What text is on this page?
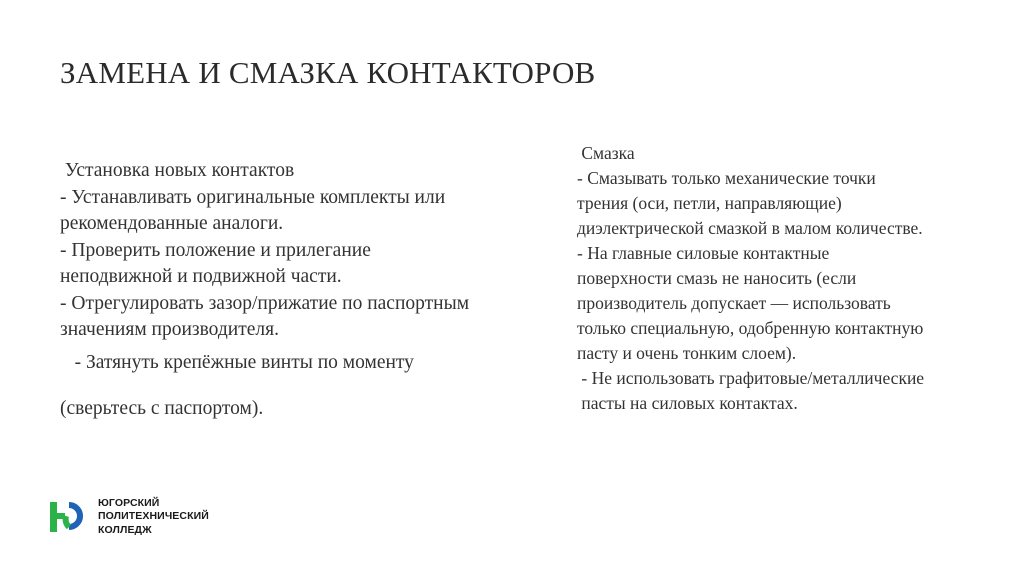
ЗАМЕНА И СМАЗКА КОНТАКТОРОВ
Установка новых контактов
- Устанавливать оригинальные комплекты или
рекомендованные аналоги.
- Проверить положение и прилегание
неподвижной и подвижной части.
- Отрегулировать зазор/прижатие по паспортным
значениям производителя.
- Затянуть крепёжные винты по моменту
(сверьтесь с паспортом).
Смазка
- Смазывать только механические точки
трения (оси, петли, направляющие)
диэлектрической смазкой в малом количестве.
- На главные силовые контактные
поверхности смазь не наносить (если
производитель допускает — использовать
только специальную, одобренную контактную
пасту и очень тонким слоем).
- Не использовать графитовые/металлические
пасты на силовых контактах.
ЮГОРСКИЙ
ПОЛИТЕХНИЧЕСКИЙ
КОЛЛЕДЖ
